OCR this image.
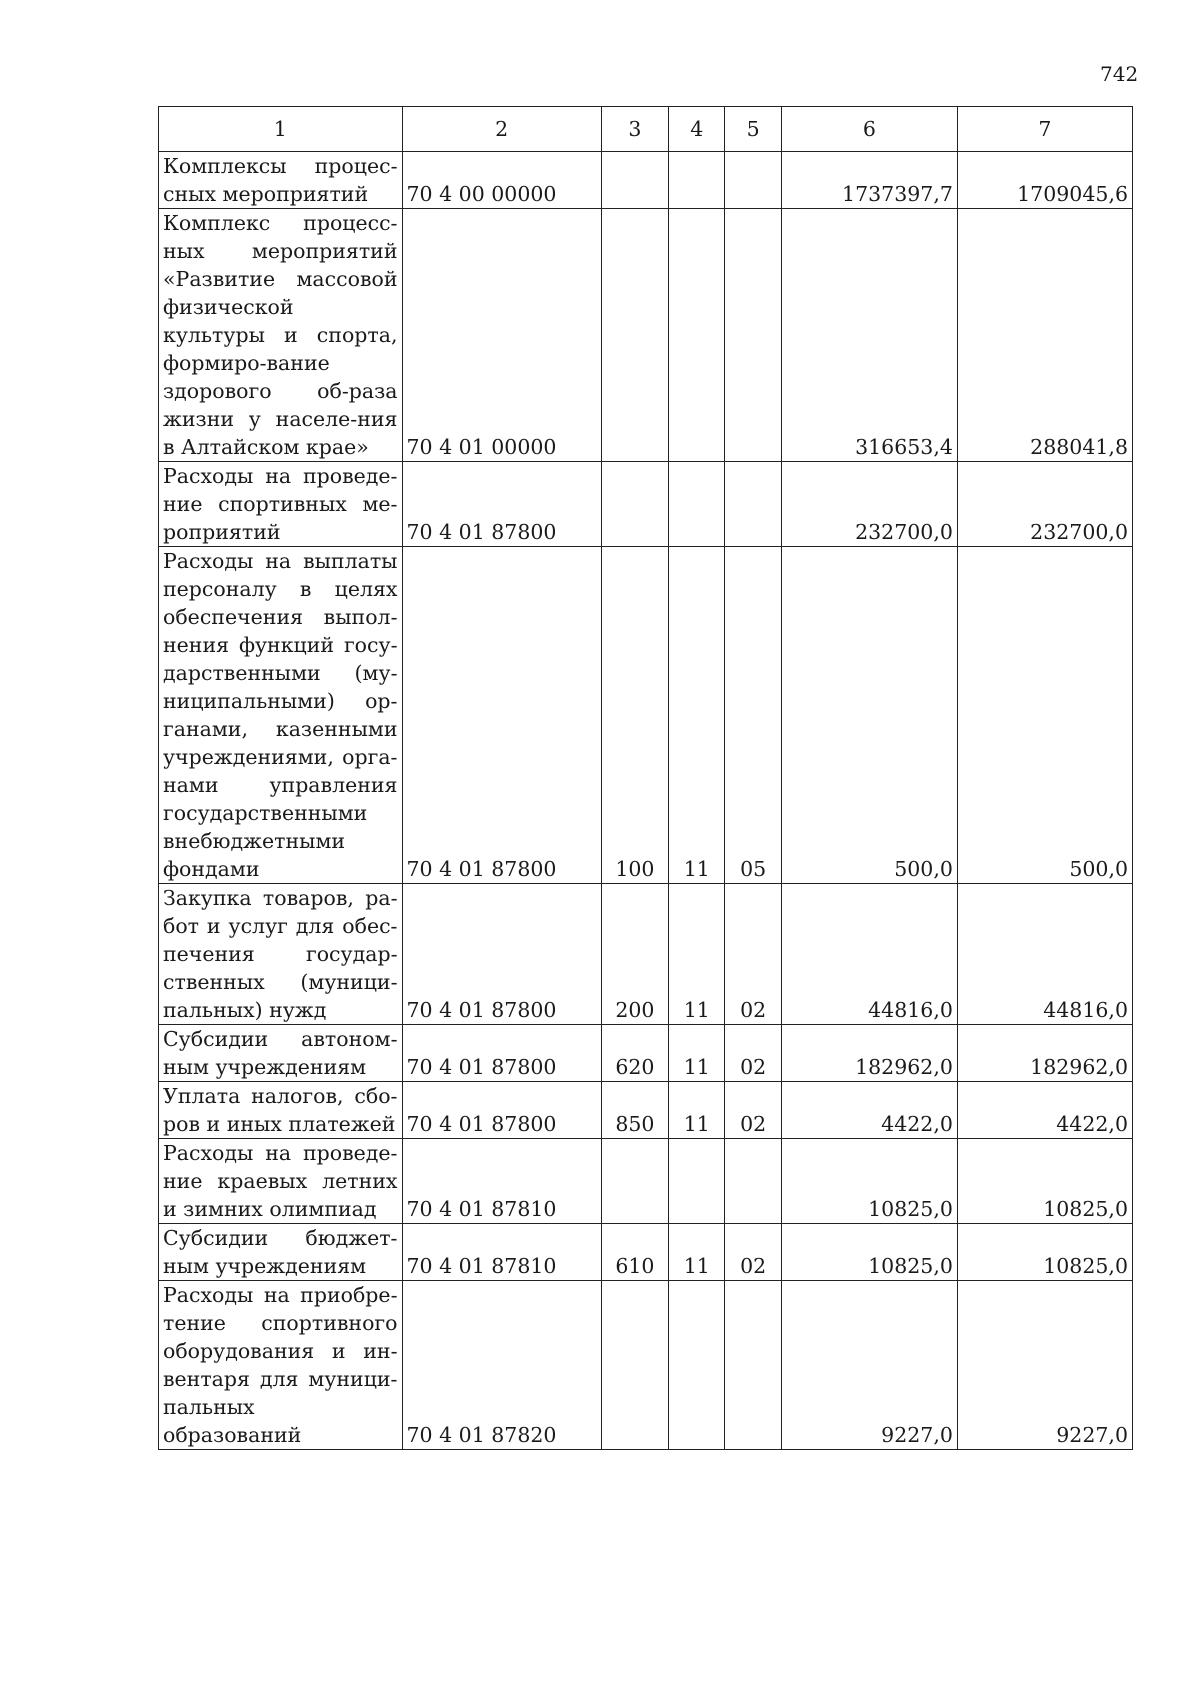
742
1	2	3	4	5	6	7
Комплексы процес-сных мероприятий	70 4 00 00000				1737397,7	1709045,6
Комплекс процесс-ных мероприятий «Развитие массовой физической культуры и спорта, формиро-вание здорового об-раза жизни у населе-ния в Алтайском крае»	70 4 01 00000				316653,4	288041,8
Расходы на проведе-ние спортивных ме-роприятий	70 4 01 87800				232700,0	232700,0
Расходы на выплаты персоналу в целях обеспечения выпол-нения функций госу-дарственными (му-ниципальными) ор-ганами, казенными учреждениями, орга-нами управления государственными внебюджетными фондами	70 4 01 87800	100	11	05	500,0	500,0
Закупка товаров, ра-бот и услуг для обес-печения государ-ственных (муници-пальных) нужд	70 4 01 87800	200	11	02	44816,0	44816,0
Субсидии автоном-ным учреждениям	70 4 01 87800	620	11	02	182962,0	182962,0
Уплата налогов, сбо-ров и иных платежей	70 4 01 87800	850	11	02	4422,0	4422,0
Расходы на проведе-ние краевых летних и зимних олимпиад	70 4 01 87810				10825,0	10825,0
Субсидии бюджет-ным учреждениям	70 4 01 87810	610	11	02	10825,0	10825,0
Расходы на приобре-тение спортивного оборудования и ин-вентаря для муници-пальных образований	70 4 01 87820				9227,0	9227,0
